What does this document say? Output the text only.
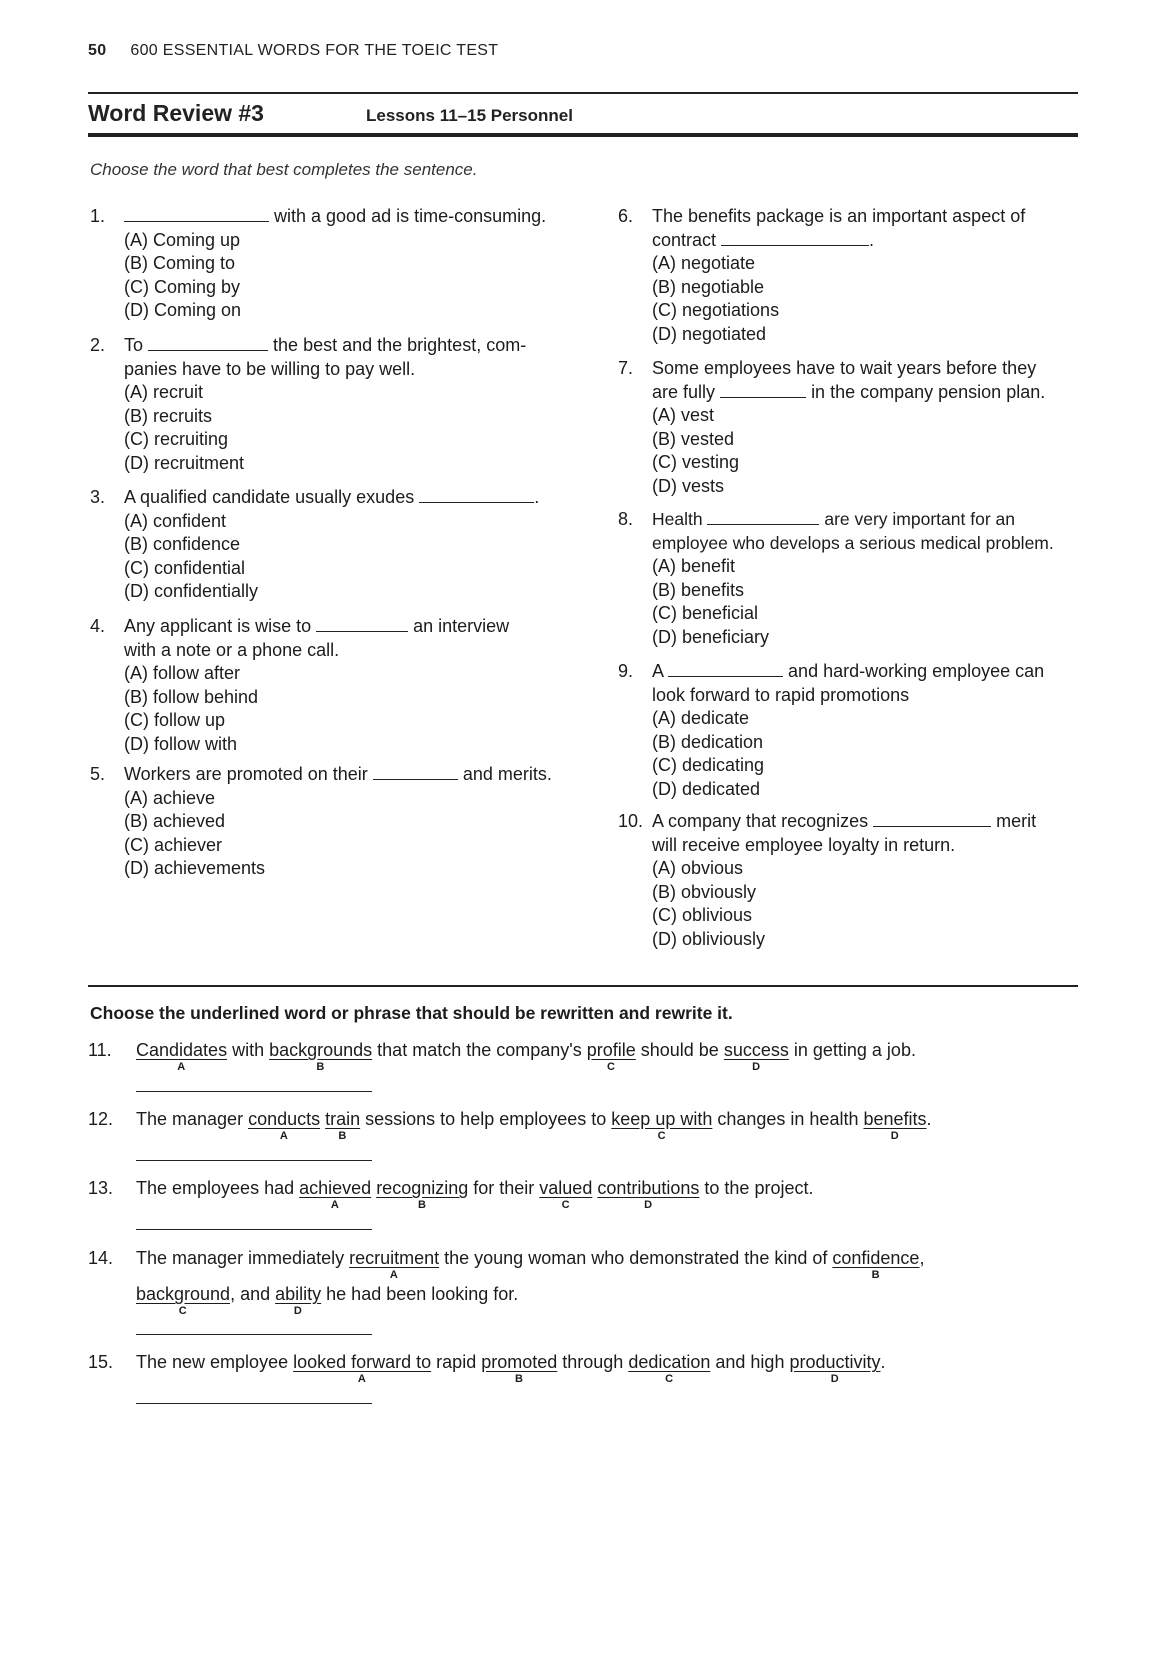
50 600 ESSENTIAL WORDS FOR THE TOEIC TEST
Word Review #3	Lessons 11–15 Personnel
Choose the word that best completes the sentence.
1.	with a good ad is time-consuming.
(A) Coming up
(B) Coming to
(C) Coming by
(D) Coming on
2. To	the best and the brightest, com-
panies have to be willing to pay well.
(A) recruit
(B) recruits
(C) recruiting
(D) recruitment
3. A qualified candidate usually exudes	.
(A) confident
(B) confidence
(C) confidential
(D) confidentially
4. Any applicant is wise to	an interview
with a note or a phone call.
(A) follow after
(B) follow behind
(C) follow up
(D) follow with
5. Workers are promoted on their	and merits.
(A) achieve
(B) achieved
(C) achiever
(D) achievements
6. The benefits package is an important aspect of
contract	.
(A) negotiate
(B) negotiable
(C) negotiations
(D) negotiated
7. Some employees have to wait years before they
are fully	in the company pension plan.
(A) vest
(B) vested
(C) vesting
(D) vests
8. Health	are very important for an
employee who develops a serious medical problem.
(A) benefit
(B) benefits
(C) beneficial
(D) beneficiary
9. A	and hard-working employee can
look forward to rapid promotions
(A) dedicate
(B) dedication
(C) dedicating
(D) dedicated
10. A company that recognizes	merit
will receive employee loyalty in return.
(A) obvious
(B) obviously
(C) oblivious
(D) obliviously
Choose the underlined word or phrase that should be rewritten and rewrite it.
11. Candidates
A
with backgrounds
B
that match the company's profile
C
should be success
D
in getting a job.
12. The manager conducts
A
train
B
sessions to help employees to keep up with
C
changes in health benefits
D
.
13. The employees had achieved
A
recognizing
B
for their valued
C
contributions
D
to the project.
14. The manager immediately recruitment
A
the young woman who demonstrated the kind of confidence
B
,
background
C
, and ability
D
he had been looking for.
15. The new employee looked forward to
A
rapid promoted
B
through dedication
C
and high productivity
D
.
